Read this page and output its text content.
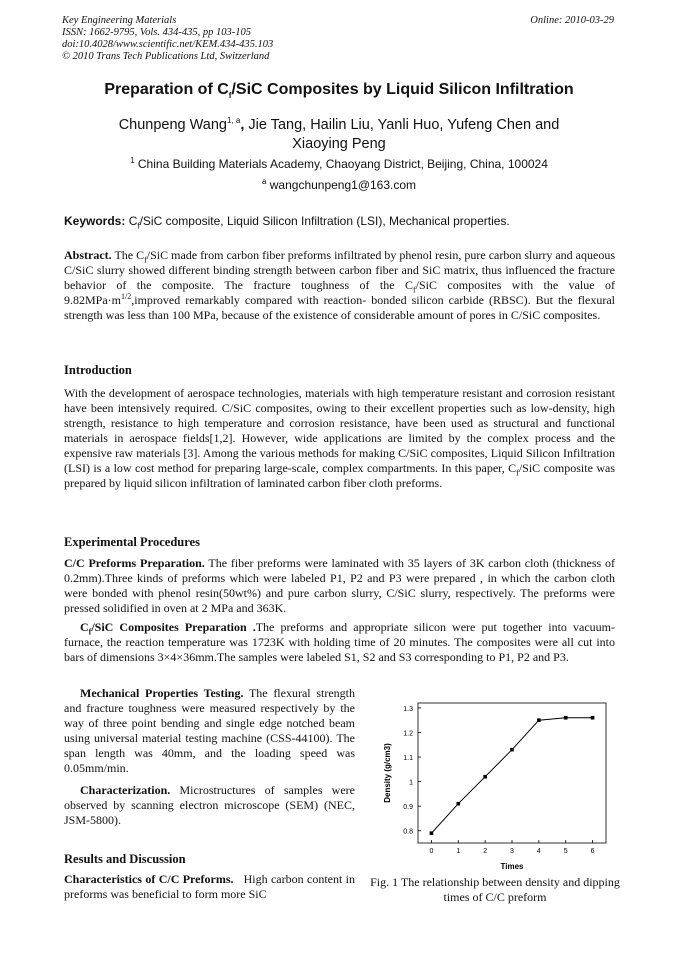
Key Engineering Materials
ISSN: 1662-9795, Vols. 434-435, pp 103-105
doi:10.4028/www.scientific.net/KEM.434-435.103
© 2010 Trans Tech Publications Ltd, Switzerland
Online: 2010-03-29
Preparation of $C_f$/SiC Composites by Liquid Silicon Infiltration
Chunpeng Wang$^{1, a}$, Jie Tang, Hailin Liu, Yanli Huo, Yufeng Chen and
Xiaoying Peng
$^1$ China Building Materials Academy, Chaoyang District, Beijing, China, 100024
$^a$ wangchunpeng1@163.com
Keywords: $C_f$/SiC composite, Liquid Silicon Infiltration (LSI), Mechanical properties.
Abstract. The $C_f$/SiC made from carbon fiber preforms infiltrated by phenol resin, pure carbon slurry and aqueous C/SiC slurry showed different binding strength between carbon fiber and SiC matrix, thus influenced the fracture behavior of the composite. The fracture toughness of the $C_f$/SiC composites with the value of $9.82MPa\cdot m^{1/2},improved$ remarkably compared with reaction- bonded silicon carbide (RBSC). But the flexural strength was less than 100 MPa, because of the existence of considerable amount of pores in C/SiC composites.
Introduction
With the development of aerospace technologies, materials with high temperature resistant and corrosion resistant have been intensively required. C/SiC composites, owing to their excellent properties such as low-density, high strength, resistance to high temperature and corrosion resistance, have been used as structural and functional materials in aerospace fields[1,2]. However, wide applications are limited by the complex process and the expensive raw materials [3]. Among the various methods for making C/SiC composites, Liquid Silicon Infiltration (LSI) is a low cost method for preparing large-scale, complex compartments. In this paper, $C_f$/SiC composite was prepared by liquid silicon infiltration of laminated carbon fiber cloth preforms.
Experimental Procedures
C/C Preforms Preparation. The fiber preforms were laminated with 35 layers of 3K carbon cloth (thickness of 0.2mm).Three kinds of preforms which were labeled P1, P2 and P3 were prepared , in which the carbon cloth were bonded with phenol resin(50wt%) and pure carbon slurry, C/SiC slurry, respectively. The preforms were pressed solidified in oven at 2 MPa and 363K.
$C_f$/SiC Composites Preparation .The preforms and appropriate silicon were put together into vacuum-furnace, the reaction temperature was 1723K with holding time of 20 minutes. The composites were all cut into bars of dimensions 3×4×36mm.The samples were labeled S1, S2 and S3 corresponding to P1, P2 and P3.
Mechanical Properties Testing. The flexural strength and fracture toughness were measured respectively by the way of three point bending and single edge notched beam using universal material testing machine (CSS-44100). The span length was 40mm, and the loading speed was 0.05mm/min.
Characterization. Microstructures of samples were observed by scanning electron microscope (SEM) (NEC, JSM-5800).
Results and Discussion
Characteristics of C/C Preforms. High carbon content in preforms was beneficial to form more SiC
0.8
0.9
1
1.1
1.2
1.3
0	1	2	3	4	5	6
Times
Density (g/cm3)
Fig. 1 The relationship between density and dipping times of C/C preform
